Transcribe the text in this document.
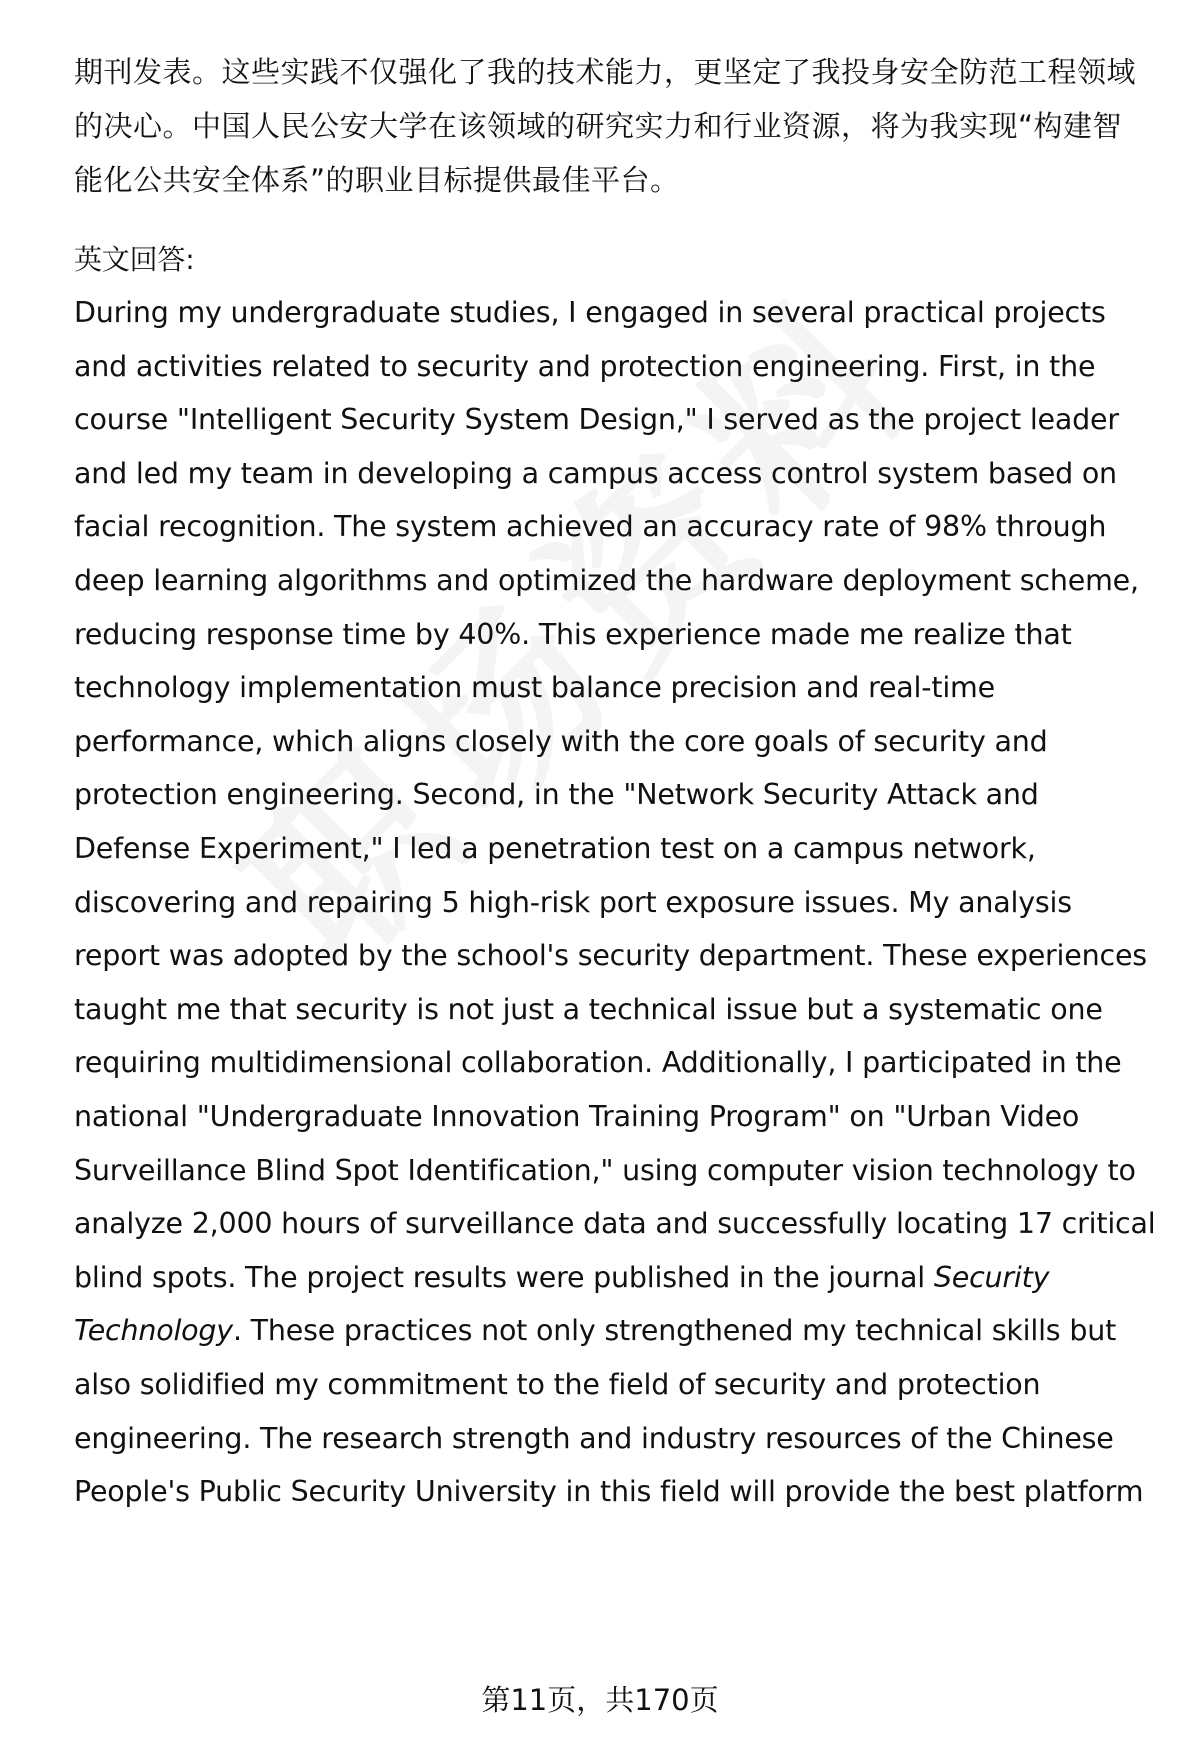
期刊发表。这些实践不仅强化了我的技术能力，更坚定了我投身安全防范工程领域
的决心。中国人民公安大学在该领域的研究实力和行业资源，将为我实现“构建智
能化公共安全体系”的职业目标提供最佳平台。
英文回答:
During my undergraduate studies, I engaged in several practical projects
and activities related to security and protection engineering. First, in the
course "Intelligent Security System Design," I served as the project leader
and led my team in developing a campus access control system based on
facial recognition. The system achieved an accuracy rate of 98% through
deep learning algorithms and optimized the hardware deployment scheme,
reducing response time by 40%. This experience made me realize that
technology implementation must balance precision and real-time
performance, which aligns closely with the core goals of security and
protection engineering. Second, in the "Network Security Attack and
Defense Experiment," I led a penetration test on a campus network,
discovering and repairing 5 high-risk port exposure issues. My analysis
report was adopted by the school's security department. These experiences
taught me that security is not just a technical issue but a systematic one
requiring multidimensional collaboration. Additionally, I participated in the
national "Undergraduate Innovation Training Program" on "Urban Video
Surveillance Blind Spot Identification," using computer vision technology to
analyze 2,000 hours of surveillance data and successfully locating 17 critical
blind spots. The project results were published in the journal Security
Technology. These practices not only strengthened my technical skills but
also solidified my commitment to the field of security and protection
engineering. The research strength and industry resources of the Chinese
People's Public Security University in this field will provide the best platform
第11页，共170页
